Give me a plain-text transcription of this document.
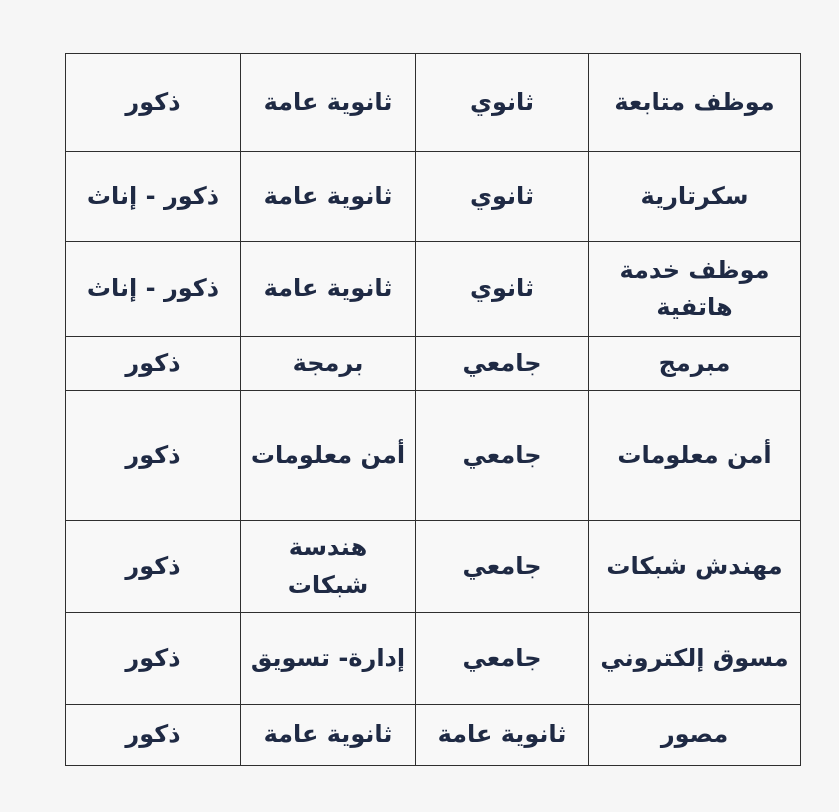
موظف متابعة	ثانوي	ثانوية عامة	ذكور
سكرتارية	ثانوي	ثانوية عامة	ذكور - إناث
موظف خدمة هاتفية	ثانوي	ثانوية عامة	ذكور - إناث
مبرمج	جامعي	برمجة	ذكور
أمن معلومات	جامعي	أمن معلومات	ذكور
مهندش شبكات	جامعي	هندسة شبكات	ذكور
مسوق إلكتروني	جامعي	إدارة- تسويق	ذكور
مصور	ثانوية عامة	ثانوية عامة	ذكور
